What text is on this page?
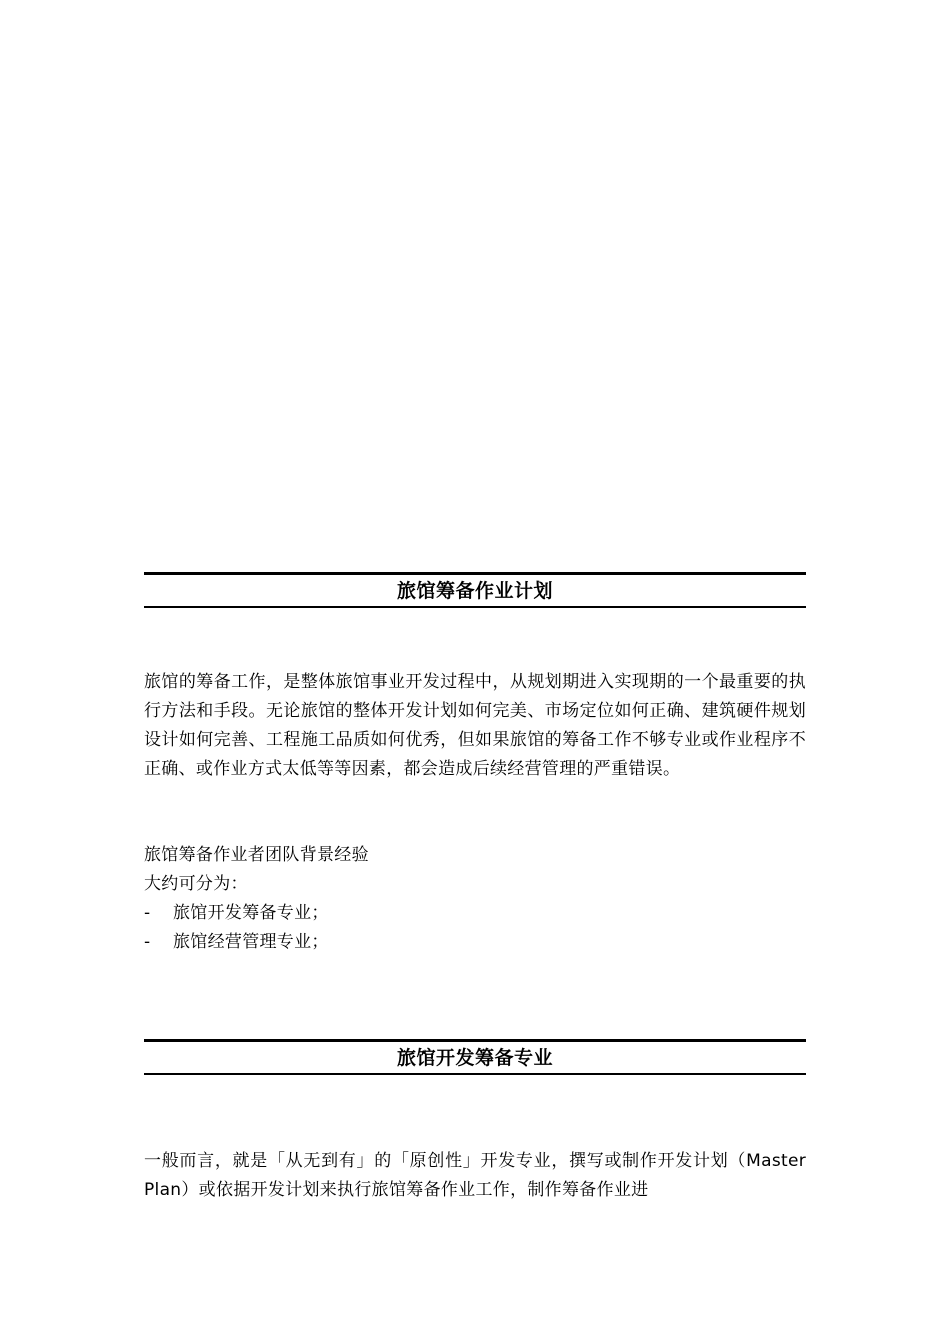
旅馆筹备作业计划
旅馆的筹备工作，是整体旅馆事业开发过程中，从规划期进入实现期的一个最重要的执行方法和手段。无论旅馆的整体开发计划如何完美、市场定位如何正确、建筑硬件规划设计如何完善、工程施工品质如何优秀，但如果旅馆的筹备工作不够专业或作业程序不正确、或作业方式太低等等因素，都会造成后续经营管理的严重错误。
旅馆筹备作业者团队背景经验
大约可分为：
-	旅馆开发筹备专业；
-	旅馆经营管理专业；
旅馆开发筹备专业
一般而言，就是「从无到有」的「原创性」开发专业，撰写或制作开发计划（Master Plan）或依据开发计划来执行旅馆筹备作业工作，制作筹备作业进
